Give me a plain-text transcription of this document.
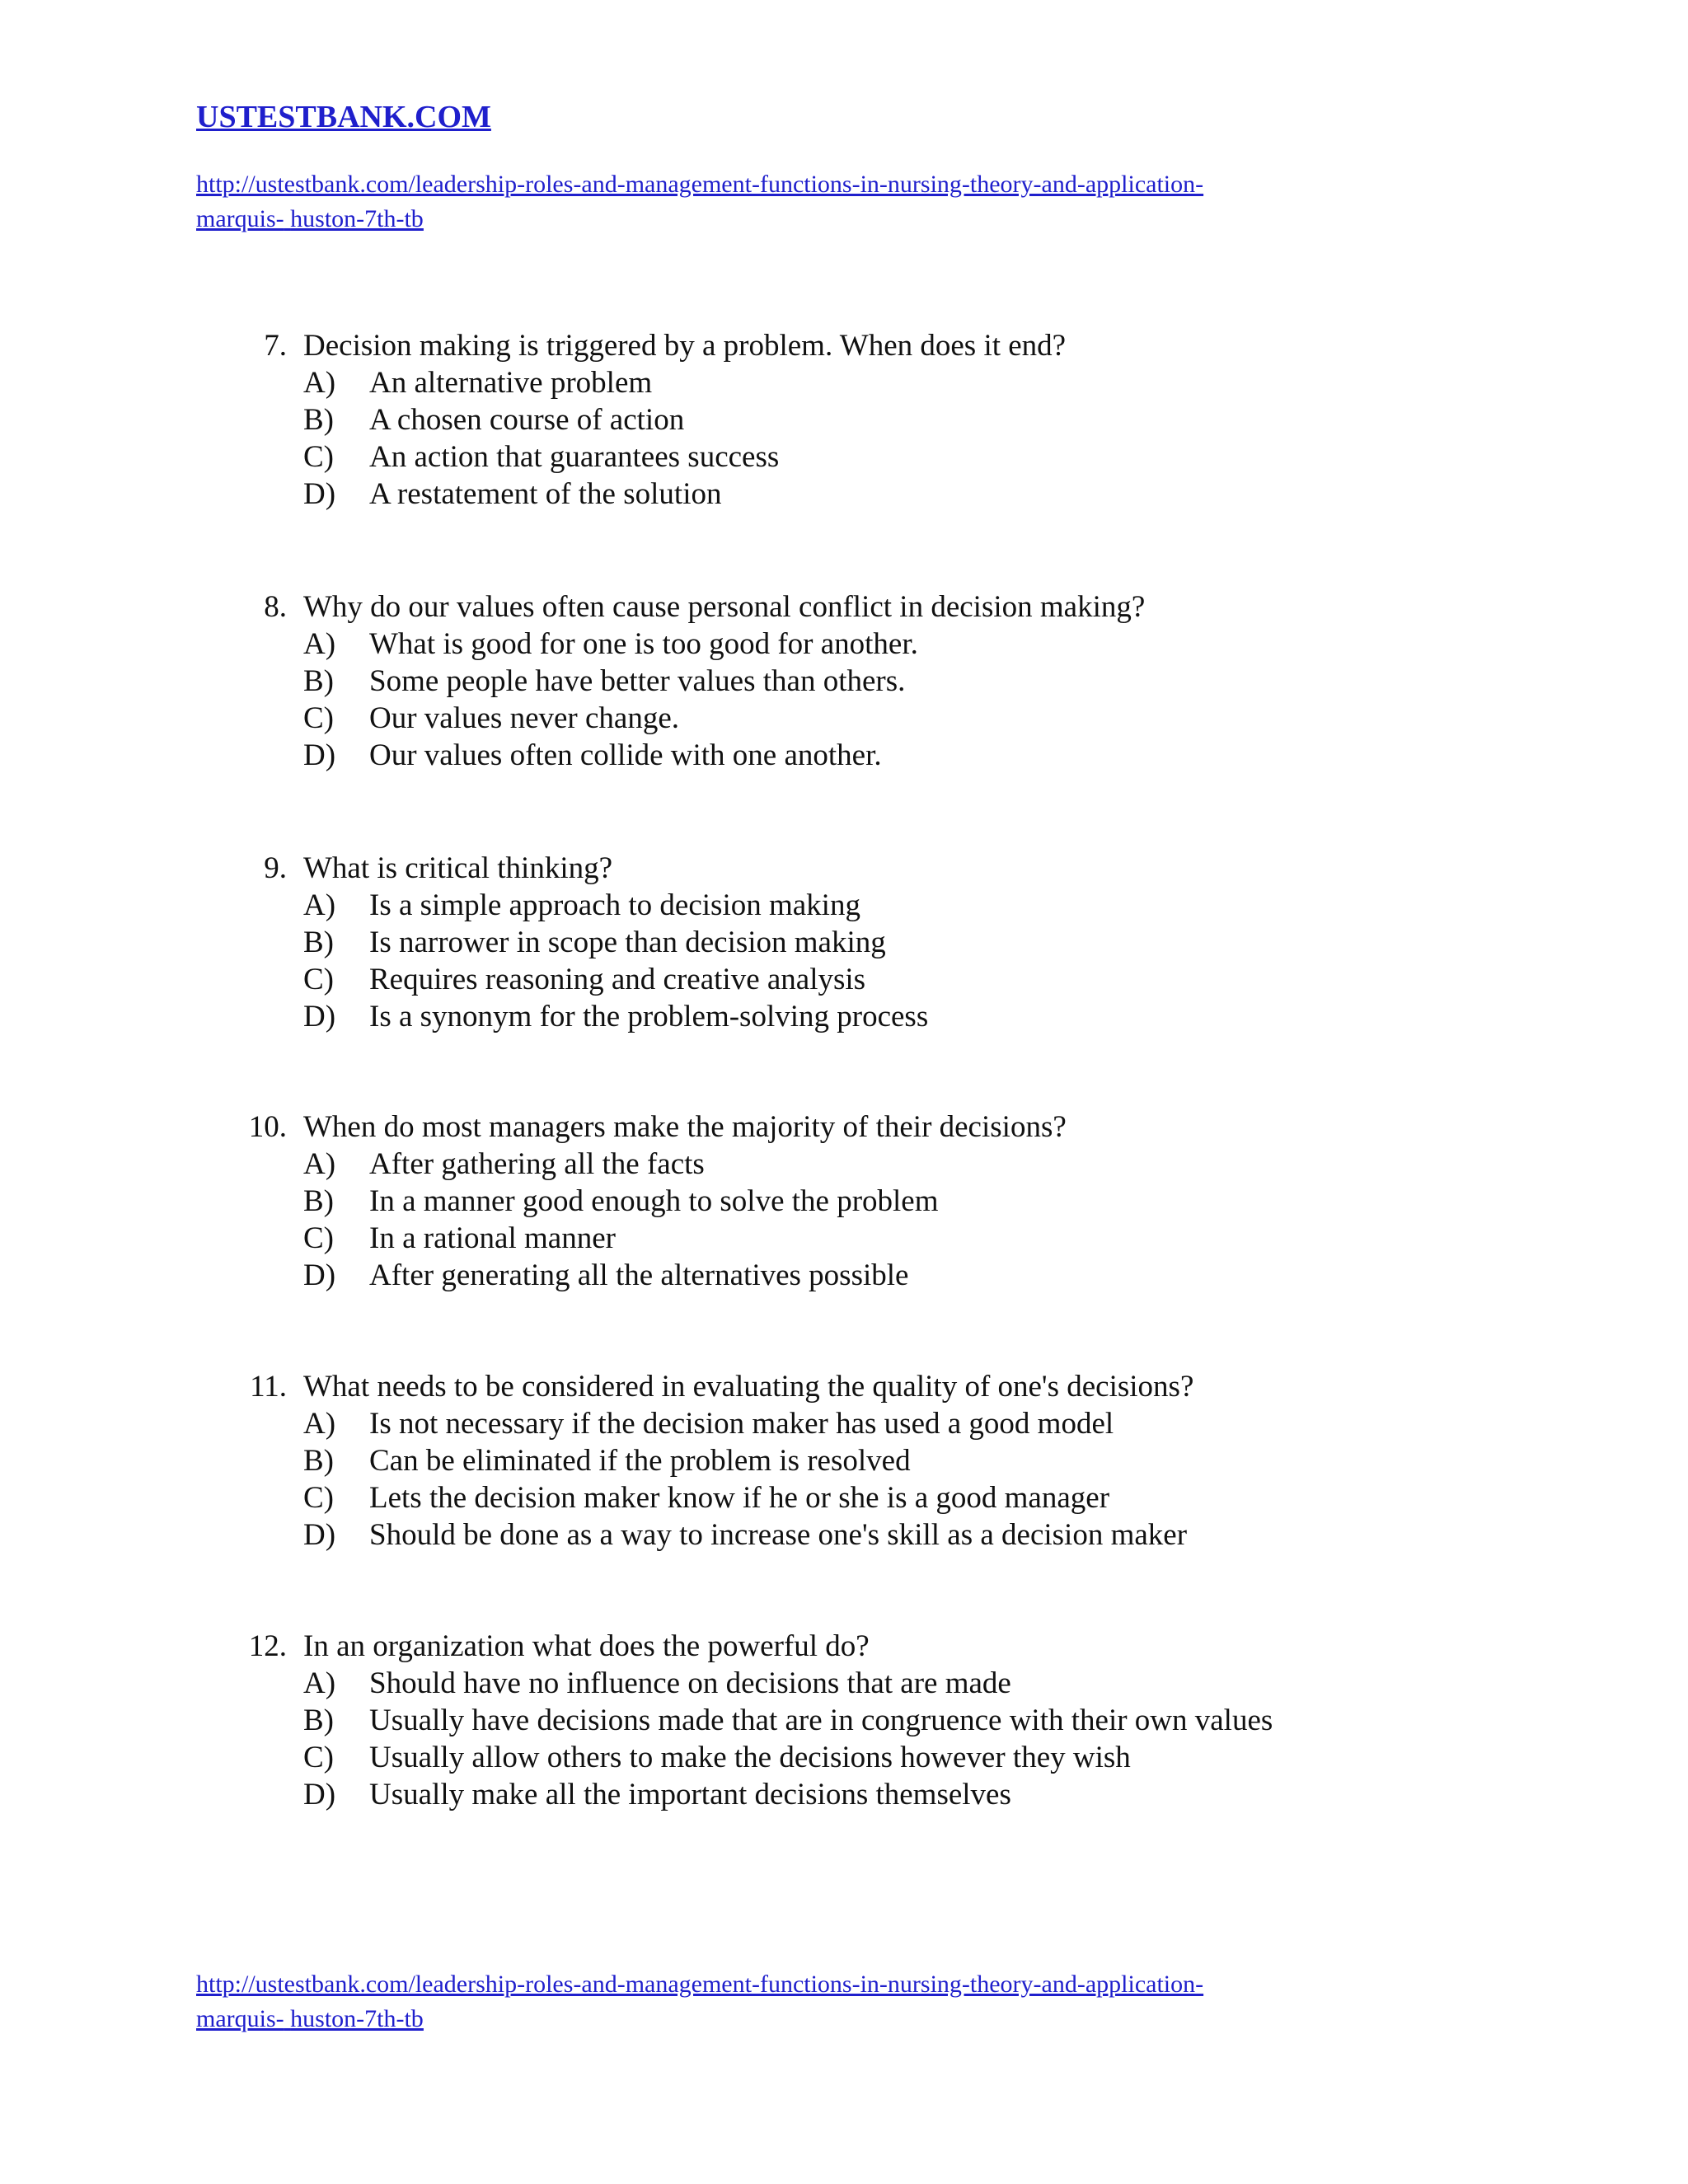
USTESTBANK.COM
http://ustestbank.com/leadership-roles-and-management-functions-in-nursing-theory-and-application-
marquis- huston-7th-tb
7. Decision making is triggered by a problem. When does it end?
A) An alternative problem
B) A chosen course of action
C) An action that guarantees success
D) A restatement of the solution
8. Why do our values often cause personal conflict in decision making?
A) What is good for one is too good for another.
B) Some people have better values than others.
C) Our values never change.
D) Our values often collide with one another.
9. What is critical thinking?
A) Is a simple approach to decision making
B) Is narrower in scope than decision making
C) Requires reasoning and creative analysis
D) Is a synonym for the problem-solving process
10. When do most managers make the majority of their decisions?
A) After gathering all the facts
B) In a manner good enough to solve the problem
C) In a rational manner
D) After generating all the alternatives possible
11. What needs to be considered in evaluating the quality of one's decisions?
A) Is not necessary if the decision maker has used a good model
B) Can be eliminated if the problem is resolved
C) Lets the decision maker know if he or she is a good manager
D) Should be done as a way to increase one's skill as a decision maker
12. In an organization what does the powerful do?
A) Should have no influence on decisions that are made
B) Usually have decisions made that are in congruence with their own values
C) Usually allow others to make the decisions however they wish
D) Usually make all the important decisions themselves
http://ustestbank.com/leadership-roles-and-management-functions-in-nursing-theory-and-application-
marquis- huston-7th-tb
